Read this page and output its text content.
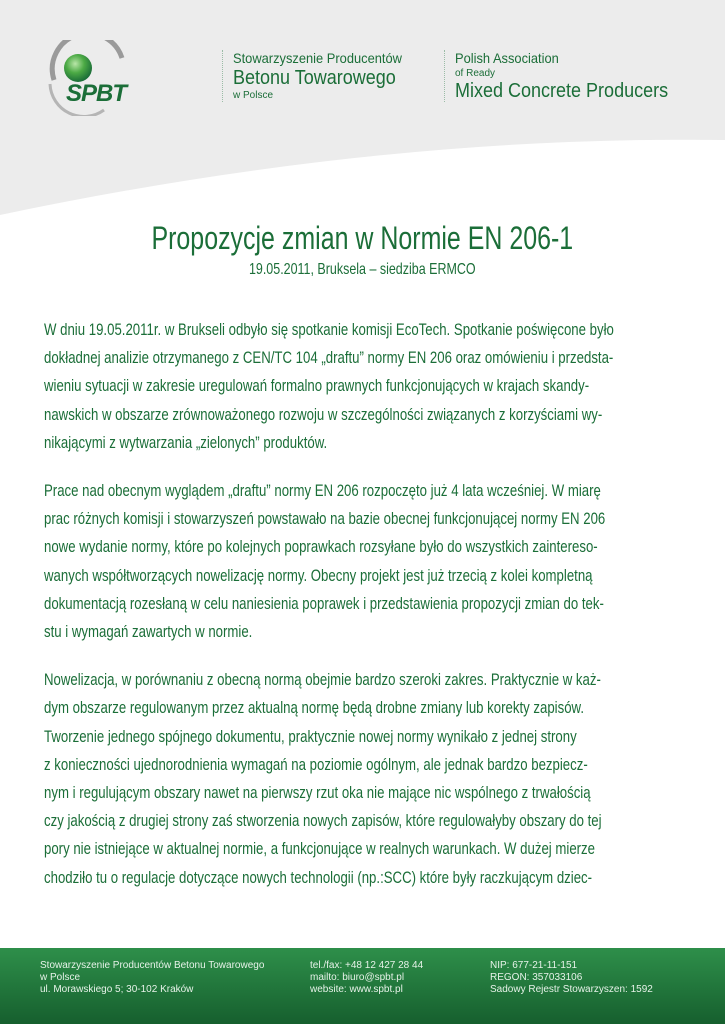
SPBT
Stowarzyszenie Producentów
Betonu Towarowego
w Polsce
Polish Association
of Ready
Mixed Concrete Producers
Propozycje zmian w Normie EN 206-1
19.05.2011, Bruksela – siedziba ERMCO
W dniu 19.05.2011r. w Brukseli odbyło się spotkanie komisji EcoTech. Spotkanie poświęcone było
dokładnej analizie otrzymanego z CEN/TC 104 „draftu” normy EN 206 oraz omówieniu i przedsta-
wieniu sytuacji w zakresie uregulowań formalno prawnych funkcjonujących w krajach skandy-
nawskich w obszarze zrównoważonego rozwoju w szczególności związanych z korzyściami wy-
nikającymi z wytwarzania „zielonych” produktów.
Prace nad obecnym wyglądem „draftu” normy EN 206 rozpoczęto już 4 lata wcześniej. W miarę
prac różnych komisji i stowarzyszeń powstawało na bazie obecnej funkcjonującej normy EN 206
nowe wydanie normy, które po kolejnych poprawkach rozsyłane było do wszystkich zaintereso-
wanych współtworzących nowelizację normy. Obecny projekt jest już trzecią z kolei kompletną
dokumentacją rozesłaną w celu naniesienia poprawek i przedstawienia propozycji zmian do tek-
stu i wymagań zawartych w normie.
Nowelizacja, w porównaniu z obecną normą obejmie bardzo szeroki zakres. Praktycznie w każ-
dym obszarze regulowanym przez aktualną normę będą drobne zmiany lub korekty zapisów.
Tworzenie jednego spójnego dokumentu, praktycznie nowej normy wynikało z jednej strony
z konieczności ujednorodnienia wymagań na poziomie ogólnym, ale jednak bardzo bezpiecz-
nym i regulującym obszary nawet na pierwszy rzut oka nie mające nic wspólnego z trwałością
czy jakością z drugiej strony zaś stworzenia nowych zapisów, które regulowałyby obszary do tej
pory nie istniejące w aktualnej normie, a funkcjonujące w realnych warunkach. W dużej mierze
chodziło tu o regulacje dotyczące nowych technologii (np.:SCC) które były raczkującym dziec-
Stowarzyszenie Producentów Betonu Towarowego
w Polsce
ul. Morawskiego 5; 30-102 Kraków
tel./fax: +48 12 427 28 44
mailto: biuro@spbt.pl
website: www.spbt.pl
NIP: 677-21-11-151
REGON: 357033106
Sadowy Rejestr Stowarzyszen: 1592
